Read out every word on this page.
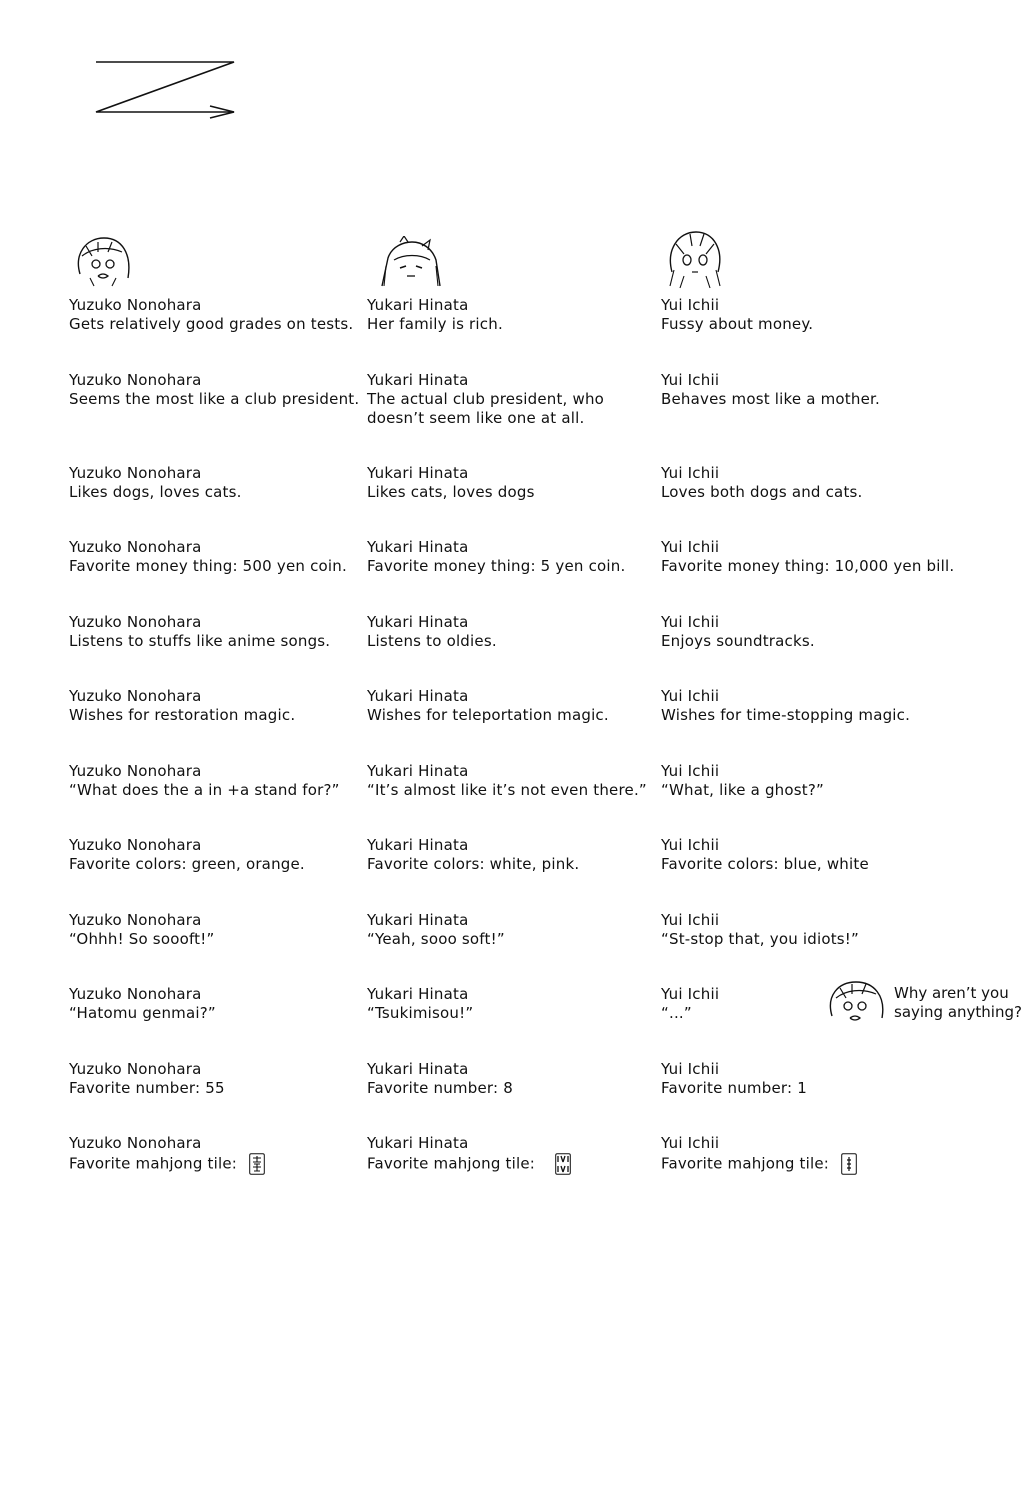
Yuzuko Nonohara
Gets relatively good grades on tests.
Yuzuko Nonohara
Seems the most like a club president.
Yuzuko Nonohara
Likes dogs, loves cats.
Yuzuko Nonohara
Favorite money thing: 500 yen coin.
Yuzuko Nonohara
Listens to stuffs like anime songs.
Yuzuko Nonohara
Wishes for restoration magic.
Yuzuko Nonohara
“What does the a in +a stand for?”
Yuzuko Nonohara
Favorite colors: green, orange.
Yuzuko Nonohara
“Ohhh! So soooft!”
Yuzuko Nonohara
“Hatomu genmai?”
Yuzuko Nonohara
Favorite number: 55
Yuzuko Nonohara
Favorite mahjong tile:
Yukari Hinata
Her family is rich.
Yukari Hinata
The actual club president, who doesn’t seem like one at all.
Yukari Hinata
Likes cats, loves dogs
Yukari Hinata
Favorite money thing: 5 yen coin.
Yukari Hinata
Listens to oldies.
Yukari Hinata
Wishes for teleportation magic.
Yukari Hinata
“It’s almost like it’s not even there.”
Yukari Hinata
Favorite colors: white, pink.
Yukari Hinata
“Yeah, sooo soft!”
Yukari Hinata
“Tsukimisou!”
Yukari Hinata
Favorite number: 8
Yukari Hinata
Favorite mahjong tile:
Yui Ichii
Fussy about money.
Yui Ichii
Behaves most like a mother.
Yui Ichii
Loves both dogs and cats.
Yui Ichii
Favorite money thing: 10,000 yen bill.
Yui Ichii
Enjoys soundtracks.
Yui Ichii
Wishes for time-stopping magic.
Yui Ichii
“What, like a ghost?”
Yui Ichii
Favorite colors: blue, white
Yui Ichii
“St-stop that, you idiots!”
Yui Ichii
“...”
Yui Ichii
Favorite number: 1
Yui Ichii
Favorite mahjong tile:
Why aren’t you
saying anything?
